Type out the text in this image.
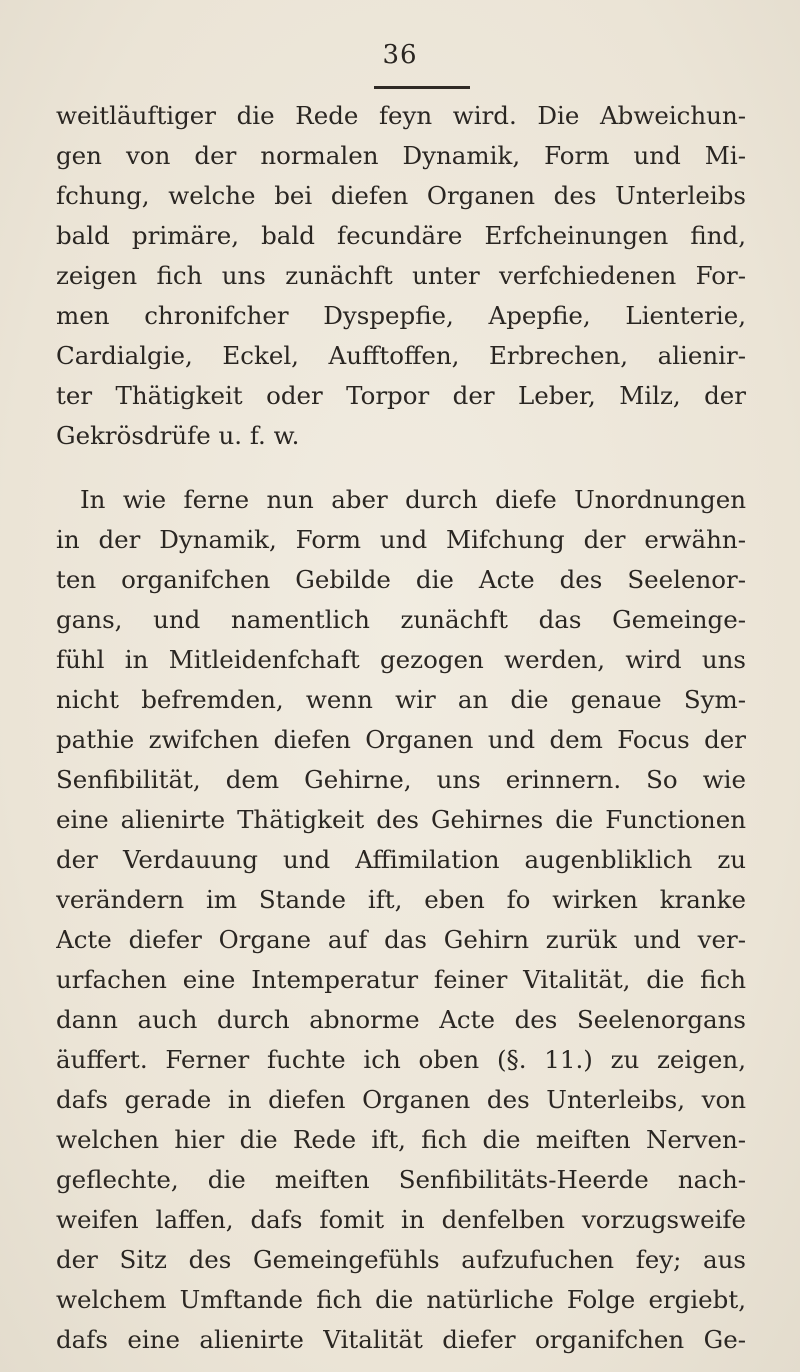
36
weitläuftiger die Rede feyn wird. Die Abweichun-
gen von der normalen Dynamik, Form und Mi-
fchung, welche bei diefen Organen des Unterleibs
bald primäre, bald fecundäre Erfcheinungen find,
zeigen fich uns zunächft unter verfchiedenen For-
men chronifcher Dyspepfie, Apepfie, Lienterie,
Cardialgie, Eckel, Aufftoffen, Erbrechen, alienir-
ter Thätigkeit oder Torpor der Leber, Milz, der
Gekrösdrüfe u. f. w.
In wie ferne nun aber durch diefe Unordnungen
in der Dynamik, Form und Mifchung der erwähn-
ten organifchen Gebilde die Acte des Seelenor-
gans, und namentlich zunächft das Gemeinge-
fühl in Mitleidenfchaft gezogen werden, wird uns
nicht befremden, wenn wir an die genaue Sym-
pathie zwifchen diefen Organen und dem Focus der
Senfibilität, dem Gehirne, uns erinnern. So wie
eine alienirte Thätigkeit des Gehirnes die Functionen
der Verdauung und Affimilation augenbliklich zu
verändern im Stande ift, eben fo wirken kranke
Acte diefer Organe auf das Gehirn zurük und ver-
urfachen eine Intemperatur feiner Vitalität, die fich
dann auch durch abnorme Acte des Seelenorgans
äuffert. Ferner fuchte ich oben (§. 11.) zu zeigen,
dafs gerade in diefen Organen des Unterleibs, von
welchen hier die Rede ift, fich die meiften Nerven-
geflechte, die meiften Senfibilitäts-Heerde nach-
weifen laffen, dafs fomit in denfelben vorzugsweife
der Sitz des Gemeingefühls aufzufuchen fey; aus
welchem Umftande fich die natürliche Folge ergiebt,
dafs eine alienirte Vitalität diefer organifchen Ge-
